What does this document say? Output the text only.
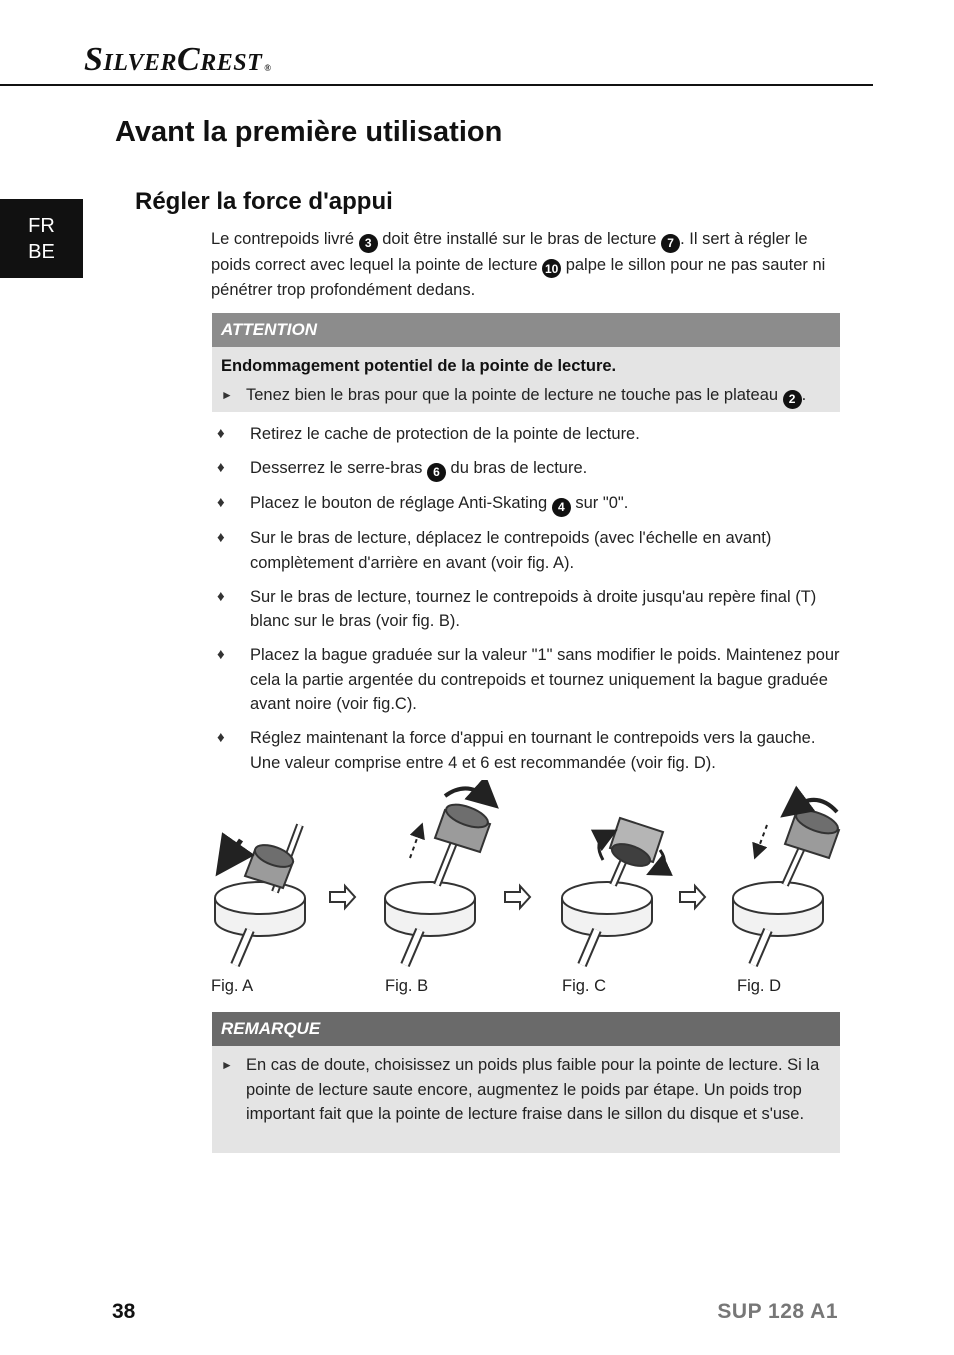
SilverCrest ®
Avant la première utilisation
FR
BE
Régler la force d'appui
Le contrepoids livré 3 doit être installé sur le bras de lecture 7 . Il sert à régler le poids correct avec lequel la pointe de lecture 10 palpe le sillon pour ne pas sauter ni pénétrer trop profondément dedans.
ATTENTION
Endommagement potentiel de la pointe de lecture.
► Tenez bien le bras pour que la pointe de lecture ne touche pas le plateau 2 .
♦	Retirez le cache de protection de la pointe de lecture.
♦	Desserrez le serre-bras 6 du bras de lecture.
♦	Placez le bouton de réglage Anti-Skating 4 sur "0".
♦	Sur le bras de lecture, déplacez le contrepoids (avec l'échelle en avant) complètement d'arrière en avant (voir fig. A).
♦	Sur le bras de lecture, tournez le contrepoids à droite jusqu'au repère final (T) blanc sur le bras (voir fig. B).
♦	Placez la bague graduée sur la valeur "1" sans modifier le poids. Maintenez pour cela la partie argentée du contrepoids et tournez uniquement la bague graduée avant noire (voir fig.C).
♦	Réglez maintenant la force d'appui en tournant le contrepoids vers la gauche. Une valeur comprise entre 4 et 6 est recommandée (voir fig. D).
Fig. A	Fig. B	Fig. C	Fig. D
REMARQUE
► En cas de doute, choisissez un poids plus faible pour la pointe de lecture. Si la pointe de lecture saute encore, augmentez le poids par étape. Un poids trop important fait que la pointe de lecture fraise dans le sillon du disque et s'use.
38	SUP 128 A1
